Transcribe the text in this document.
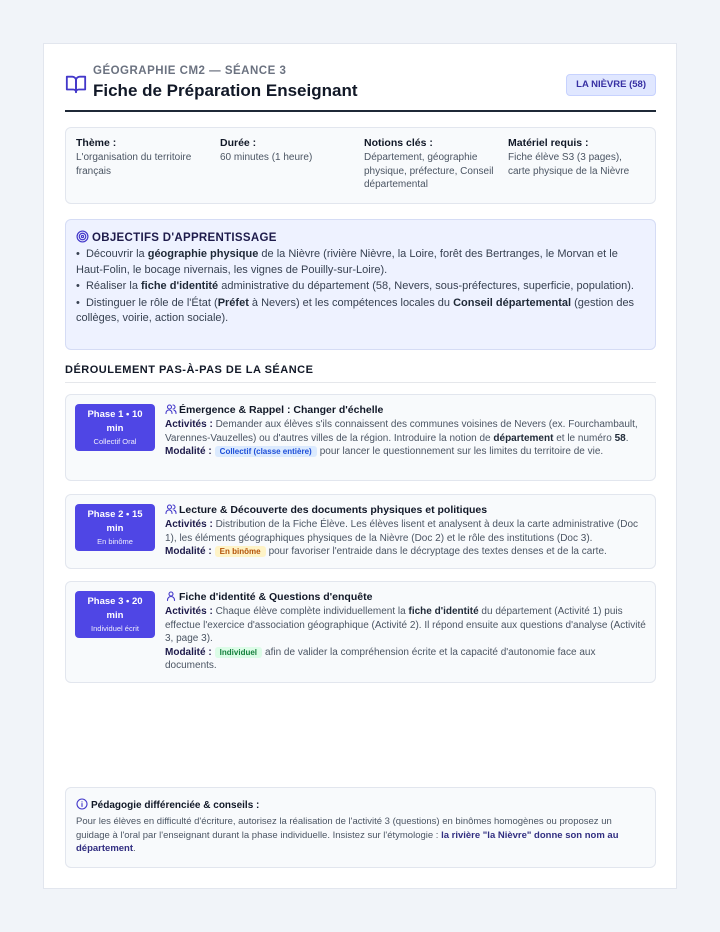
GÉOGRAPHIE CM2 — SÉANCE 3
Fiche de Préparation Enseignant	LA NIÈVRE (58)
Thème :
L'organisation du territoire français
Durée :
60 minutes (1 heure)
Notions clés :
Département, géographie physique, préfecture, Conseil départemental
Matériel requis :
Fiche élève S3 (3 pages), carte physique de la Nièvre
OBJECTIFS D'APPRENTISSAGE
•  Découvrir la géographie physique de la Nièvre (rivière Nièvre, la Loire, forêt des Bertranges, le Morvan et le Haut-Folin, le bocage nivernais, les vignes de Pouilly-sur-Loire).
•  Réaliser la fiche d'identité administrative du département (58, Nevers, sous-préfectures, superficie, population).
•  Distinguer le rôle de l'État (Préfet à Nevers) et les compétences locales du Conseil départemental (gestion des collèges, voirie, action sociale).
DÉROULEMENT PAS-À-PAS DE LA SÉANCE
Phase 1 • 10 min
Collectif Oral
Émergence & Rappel : Changer d'échelle
Activités : Demander aux élèves s'ils connaissent des communes voisines de Nevers (ex. Fourchambault, Varennes-Vauzelles) ou d'autres villes de la région. Introduire la notion de département et le numéro 58.
Modalité : Collectif (classe entière) pour lancer le questionnement sur les limites du territoire de vie.
Phase 2 • 15 min
En binôme
Lecture & Découverte des documents physiques et politiques
Activités : Distribution de la Fiche Élève. Les élèves lisent et analysent à deux la carte administrative (Doc 1), les éléments géographiques physiques de la Nièvre (Doc 2) et le rôle des institutions (Doc 3).
Modalité : En binôme pour favoriser l'entraide dans le décryptage des textes denses et de la carte.
Phase 3 • 20 min
Individuel écrit
Fiche d'identité & Questions d'enquête
Activités : Chaque élève complète individuellement la fiche d'identité du département (Activité 1) puis effectue l'exercice d'association géographique (Activité 2). Il répond ensuite aux questions d'analyse (Activité 3, page 3).
Modalité : Individuel afin de valider la compréhension écrite et la capacité d'autonomie face aux documents.
Pédagogie différenciée & conseils :
Pour les élèves en difficulté d'écriture, autorisez la réalisation de l'activité 3 (questions) en binômes homogènes ou proposez un guidage à l'oral par l'enseignant durant la phase individuelle. Insistez sur l'étymologie : la rivière "la Nièvre" donne son nom au département.
